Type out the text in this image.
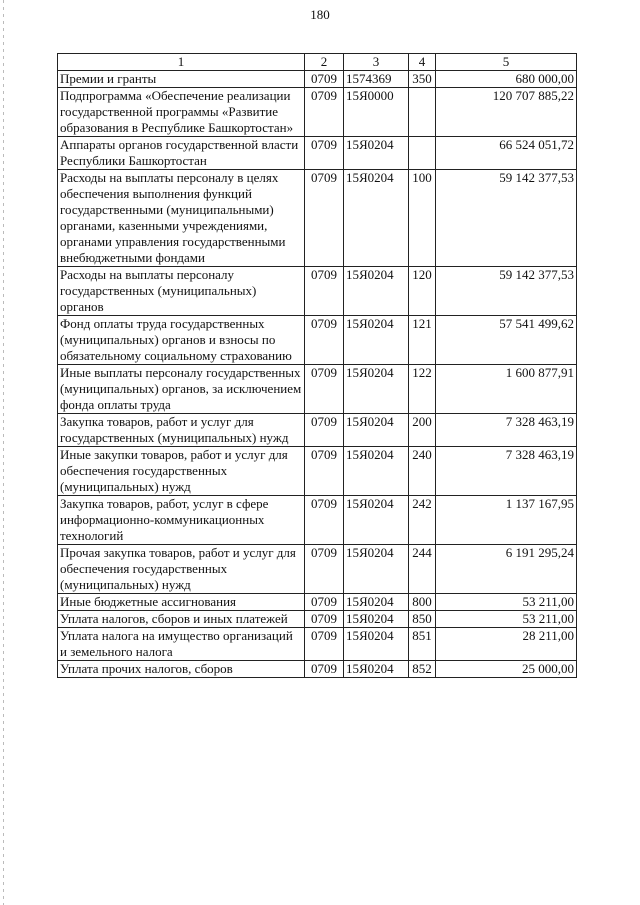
180
1	2	3	4	5
Премии и гранты	0709	1574369	350	680 000,00
Подпрограмма «Обеспечение реализации государственной программы «Развитие образования в Республике Башкортостан»	0709	15Я0000		120 707 885,22
Аппараты органов государственной власти Республики Башкортостан	0709	15Я0204		66 524 051,72
Расходы на выплаты персоналу в целях обеспечения выполнения функций государственными (муниципальными) органами, казенными учреждениями, органами управления государственными внебюджетными фондами	0709	15Я0204	100	59 142 377,53
Расходы на выплаты персоналу государственных (муниципальных) органов	0709	15Я0204	120	59 142 377,53
Фонд оплаты труда государственных (муниципальных) органов и взносы по обязательному социальному страхованию	0709	15Я0204	121	57 541 499,62
Иные выплаты персоналу государственных (муниципальных) органов, за исключением фонда оплаты труда	0709	15Я0204	122	1 600 877,91
Закупка товаров, работ и услуг для государственных (муниципальных) нужд	0709	15Я0204	200	7 328 463,19
Иные закупки товаров, работ и услуг для обеспечения государственных (муниципальных) нужд	0709	15Я0204	240	7 328 463,19
Закупка товаров, работ, услуг в сфере информационно-коммуникационных технологий	0709	15Я0204	242	1 137 167,95
Прочая закупка товаров, работ и услуг для обеспечения государственных (муниципальных) нужд	0709	15Я0204	244	6 191 295,24
Иные бюджетные ассигнования	0709	15Я0204	800	53 211,00
Уплата налогов, сборов и иных платежей	0709	15Я0204	850	53 211,00
Уплата налога на имущество организаций и земельного налога	0709	15Я0204	851	28 211,00
Уплата прочих налогов, сборов	0709	15Я0204	852	25 000,00
